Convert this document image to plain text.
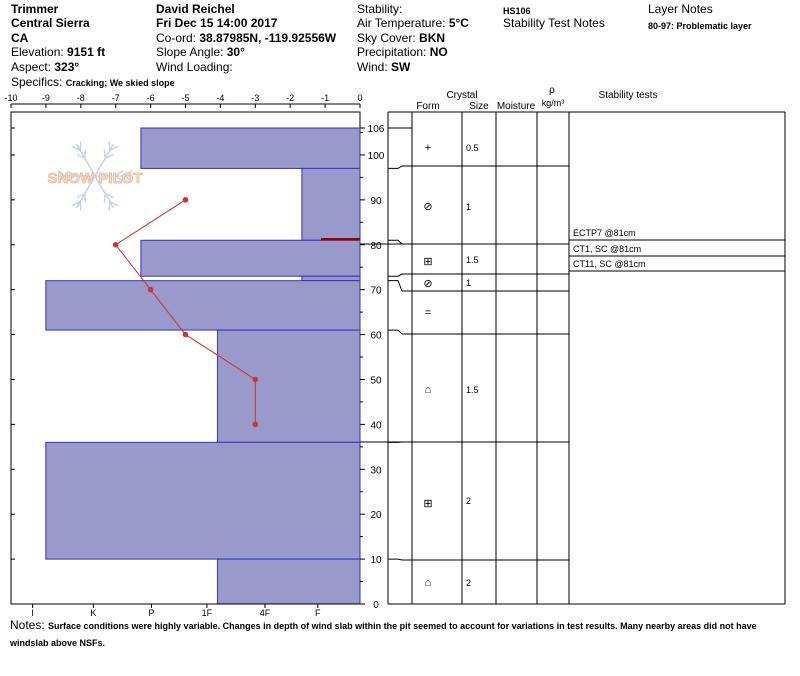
Trimmer
Central Sierra
CA
Elevation: 9151 ft
Aspect: 323°
Specifics: Cracking; We skied slope
David Reichel
Fri Dec 15 14:00 2017
Co-ord: 38.87985N, -119.92556W
Slope Angle: 30°
Wind Loading:
Stability:
Air Temperature: 5°C
Sky Cover: BKN
Precipitation: NO
Wind: SW
HS106
Stability Test Notes
Layer Notes
80-97: Problematic layer
SNOW PILOT
-10	-9	-8	-7	-6	-5	-4	-3	-2	-1	0
I	K	P	1F	4F	F
0
10
20
30
40
50
60
70
80
90
100
106
Crystal
Form	Size Moisture
ρ
kg/m³
Stability tests
+	0.5
⊘	1
⊞	1.5
⊘	1
=
⌂	1.5
⊞	2
⌂	2
ECTP7 @81cm
CT1, SC @81cm
CT11, SC @81cm
Notes: Surface conditions were highly variable. Changes in depth of wind slab within the pit seemed to account for variations in test results. Many nearby areas did not have windslab above NSFs.
